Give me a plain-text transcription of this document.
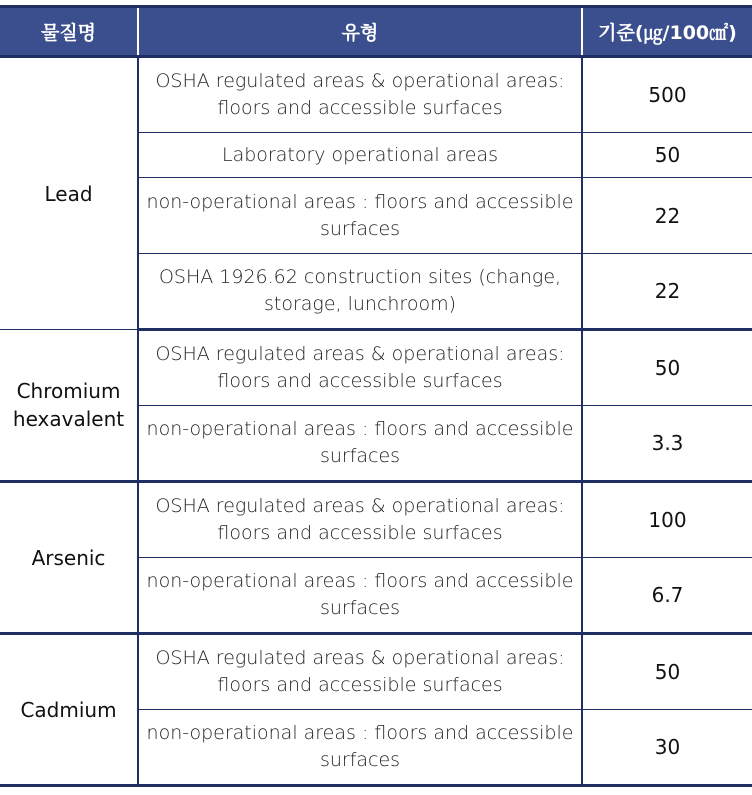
물질명	유형	기준(㎍/100㎠)
Lead	OSHA regulated areas & operational areas: floors and accessible surfaces	500
	Laboratory operational areas	50
	non-operational areas : floors and accessible surfaces	22
	OSHA 1926.62 construction sites (change, storage, lunchroom)	22
Chromium hexavalent	OSHA regulated areas & operational areas: floors and accessible surfaces	50
	non-operational areas : floors and accessible surfaces	3.3
Arsenic	OSHA regulated areas & operational areas: floors and accessible surfaces	100
	non-operational areas : floors and accessible surfaces	6.7
Cadmium	OSHA regulated areas & operational areas: floors and accessible surfaces	50
	non-operational areas : floors and accessible surfaces	30
